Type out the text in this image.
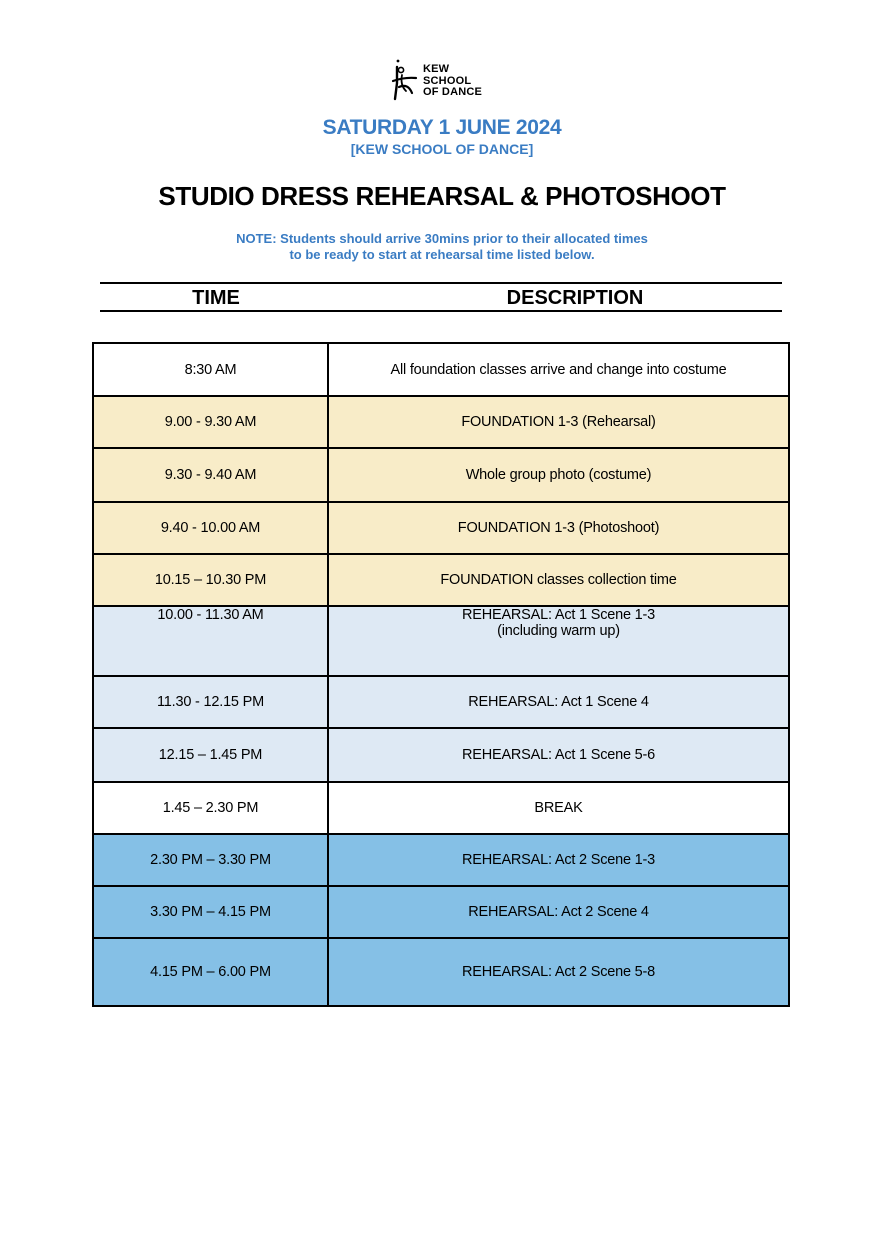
KEW
SCHOOL
OF DANCE
SATURDAY 1 JUNE 2024
[KEW SCHOOL OF DANCE]
STUDIO DRESS REHEARSAL & PHOTOSHOOT
NOTE: Students should arrive 30mins prior to their allocated times
to be ready to start at rehearsal time listed below.
TIME	DESCRIPTION
8:30 AM	All foundation classes arrive and change into costume
9.00 - 9.30 AM	FOUNDATION 1-3 (Rehearsal)
9.30 - 9.40 AM	Whole group photo (costume)
9.40 - 10.00 AM	FOUNDATION 1-3 (Photoshoot)
10.15 – 10.30 PM	FOUNDATION classes collection time
10.00 - 11.30 AM	REHEARSAL: Act 1 Scene 1-3
(including warm up)

11.30 - 12.15 PM	REHEARSAL: Act 1 Scene 4
12.15 – 1.45 PM	REHEARSAL: Act 1 Scene 5-6
1.45 – 2.30 PM	BREAK
2.30 PM – 3.30 PM	REHEARSAL: Act 2 Scene 1-3
3.30 PM – 4.15 PM	REHEARSAL: Act 2 Scene 4
4.15 PM – 6.00 PM	REHEARSAL: Act 2 Scene 5-8
